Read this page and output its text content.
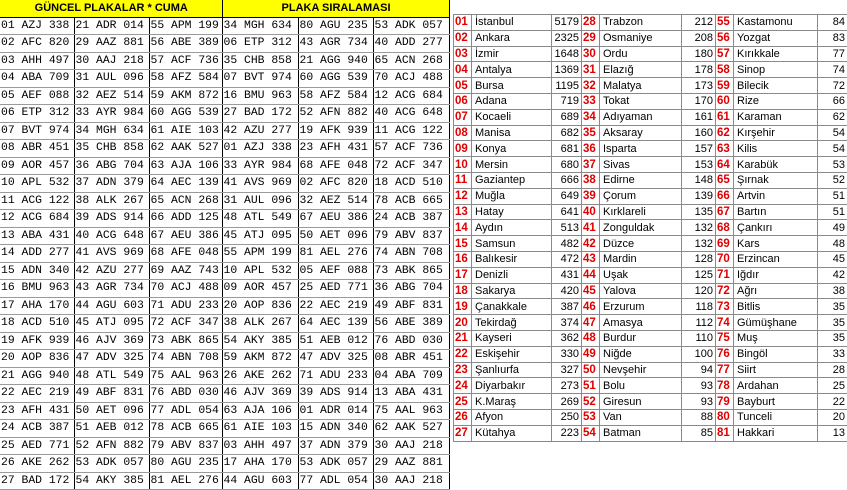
GÜNCEL PLAKALAR * CUMA			PLAKA SIRALAMASI		
01 AZJ 338	21 ADR 014	55 APM 199	34 MGH 634	80 AGU 235	53 ADK 057
02 AFC 820	29 AAZ 881	56 ABE 389	06 ETP 312	43 AGR 734	40 ADD 277
03 AHH 497	30 AAJ 218	57 ACF 736	35 CHB 858	21 AGG 940	65 ACN 268
04 ABA 709	31 AUL 096	58 AFZ 584	07 BVT 974	60 AGG 539	70 ACJ 488
05 AEF 088	32 AEZ 514	59 AKM 872	16 BMU 963	58 AFZ 584	12 ACG 684
06 ETP 312	33 AYR 984	60 AGG 539	27 BAD 172	52 AFN 882	40 ACG 648
07 BVT 974	34 MGH 634	61 AIE 103	42 AZU 277	19 AFK 939	11 ACG 122
08 ABR 451	35 CHB 858	62 AAK 527	01 AZJ 338	23 AFH 431	57 ACF 736
09 AOR 457	36 ABG 704	63 AJA 106	33 AYR 984	68 AFE 048	72 ACF 347
10 APL 532	37 ADN 379	64 AEC 139	41 AVS 969	02 AFC 820	18 ACD 510
11 ACG 122	38 ALK 267	65 ACN 268	31 AUL 096	32 AEZ 514	78 ACB 665
12 ACG 684	39 ADS 914	66 ADD 125	48 ATL 549	67 AEU 386	24 ACB 387
13 ABA 431	40 ACG 648	67 AEU 386	45 ATJ 095	50 AET 096	79 ABV 837
14 ADD 277	41 AVS 969	68 AFE 048	55 APM 199	81 AEL 276	74 ABN 708
15 ADN 340	42 AZU 277	69 AAZ 743	10 APL 532	05 AEF 088	73 ABK 865
16 BMU 963	43 AGR 734	70 ACJ 488	09 AOR 457	25 AED 771	36 ABG 704
17 AHA 170	44 AGU 603	71 ADU 233	20 AOP 836	22 AEC 219	49 ABF 831
18 ACD 510	45 ATJ 095	72 ACF 347	38 ALK 267	64 AEC 139	56 ABE 389
19 AFK 939	46 AJV 369	73 ABK 865	54 AKY 385	51 AEB 012	76 ABD 030
20 AOP 836	47 ADV 325	74 ABN 708	59 AKM 872	47 ADV 325	08 ABR 451
21 AGG 940	48 ATL 549	75 AAL 963	26 AKE 262	71 ADU 233	04 ABA 709
22 AEC 219	49 ABF 831	76 ABD 030	46 AJV 369	39 ADS 914	13 ABA 431
23 AFH 431	50 AET 096	77 ADL 054	63 AJA 106	01 ADR 014	75 AAL 963
24 ACB 387	51 AEB 012	78 ACB 665	61 AIE 103	15 ADN 340	62 AAK 527
25 AED 771	52 AFN 882	79 ABV 837	03 AHH 497	37 ADN 379	30 AAJ 218
26 AKE 262	53 ADK 057	80 AGU 235	17 AHA 170	53 ADK 057	29 AAZ 881
27 BAD 172	54 AKY 385	81 AEL 276	44 AGU 603	77 ADL 054	30 AAJ 218
01	İstanbul	5179	28	Trabzon	212	55	Kastamonu	84
02	Ankara	2325	29	Osmaniye	208	56	Yozgat	83
03	İzmir	1648	30	Ordu	180	57	Kırıkkale	77
04	Antalya	1369	31	Elazığ	178	58	Sinop	74
05	Bursa	1195	32	Malatya	173	59	Bilecik	72
06	Adana	719	33	Tokat	170	60	Rize	66
07	Kocaeli	689	34	Adıyaman	161	61	Karaman	62
08	Manisa	682	35	Aksaray	160	62	Kırşehir	54
09	Konya	681	36	Isparta	157	63	Kilis	54
10	Mersin	680	37	Sivas	153	64	Karabük	53
11	Gaziantep	666	38	Edirne	148	65	Şırnak	52
12	Muğla	649	39	Çorum	139	66	Artvin	51
13	Hatay	641	40	Kırklareli	135	67	Bartın	51
14	Aydın	513	41	Zonguldak	132	68	Çankırı	49
15	Samsun	482	42	Düzce	132	69	Kars	48
16	Balıkesir	472	43	Mardin	128	70	Erzincan	45
17	Denizli	431	44	Uşak	125	71	Iğdır	42
18	Sakarya	420	45	Yalova	120	72	Ağrı	38
19	Çanakkale	387	46	Erzurum	118	73	Bitlis	35
20	Tekirdağ	374	47	Amasya	112	74	Gümüşhane	35
21	Kayseri	362	48	Burdur	110	75	Muş	35
22	Eskişehir	330	49	Niğde	100	76	Bingöl	33
23	Şanlıurfa	327	50	Nevşehir	94	77	Siirt	28
24	Diyarbakır	273	51	Bolu	93	78	Ardahan	25
25	K.Maraş	269	52	Giresun	93	79	Bayburt	22
26	Afyon	250	53	Van	88	80	Tunceli	20
27	Kütahya	223	54	Batman	85	81	Hakkari	13
